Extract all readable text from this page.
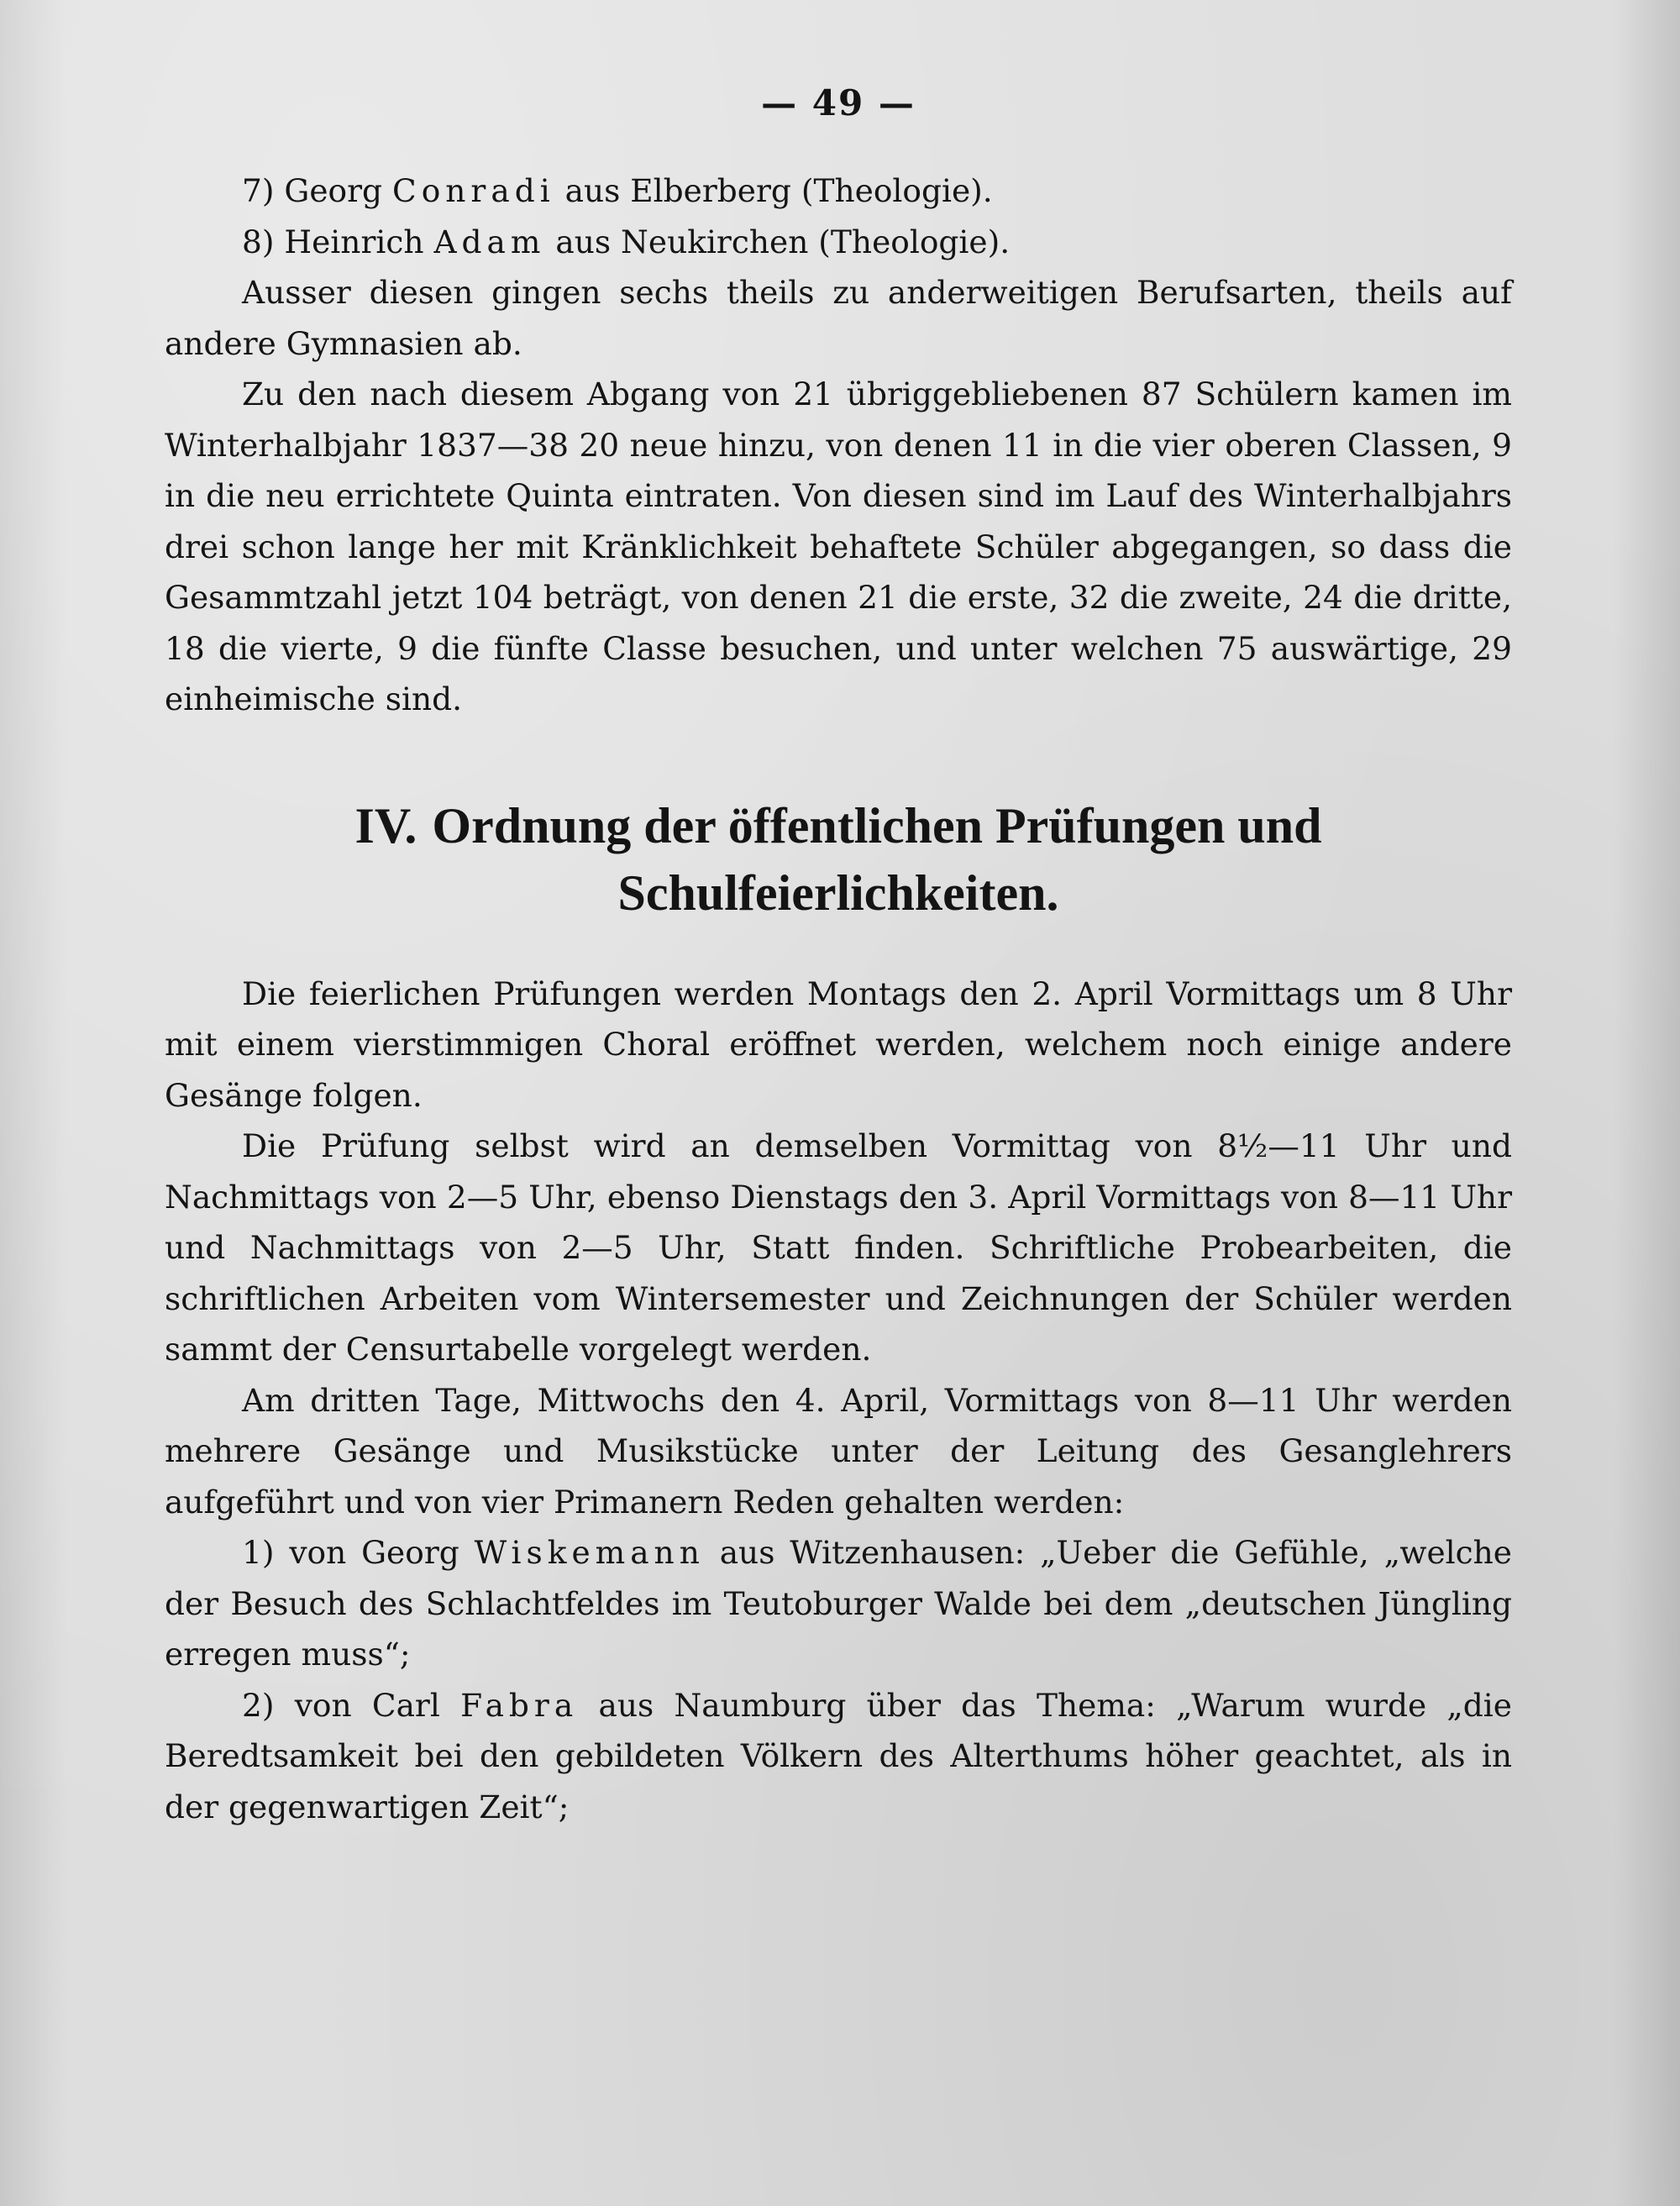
— 49 —

7) Georg Conradi aus Elberberg (Theologie).

8) Heinrich Adam aus Neukirchen (Theologie).

Ausser diesen gingen sechs theils zu anderweitigen Berufsarten, theils auf andere Gymnasien ab.

Zu den nach diesem Abgang von 21 übriggebliebenen 87 Schülern kamen im Winterhalbjahr 1837—38 20 neue hinzu, von denen 11 in die vier oberen Classen, 9 in die neu errichtete Quinta eintraten. Von diesen sind im Lauf des Winterhalbjahrs drei schon lange her mit Kränklichkeit behaftete Schüler abgegangen, so dass die Gesammtzahl jetzt 104 beträgt, von denen 21 die erste, 32 die zweite, 24 die dritte, 18 die vierte, 9 die fünfte Classe besuchen, und unter welchen 75 auswärtige, 29 einheimische sind.

IV. Ordnung der öffentlichen Prüfungen und Schulfeierlichkeiten.

Die feierlichen Prüfungen werden Montags den 2. April Vormittags um 8 Uhr mit einem vierstimmigen Choral eröffnet werden, welchem noch einige andere Gesänge folgen.

Die Prüfung selbst wird an demselben Vormittag von 8½—11 Uhr und Nachmittags von 2—5 Uhr, ebenso Dienstags den 3. April Vormittags von 8—11 Uhr und Nachmittags von 2—5 Uhr, Statt finden. Schriftliche Probearbeiten, die schriftlichen Arbeiten vom Wintersemester und Zeichnungen der Schüler werden sammt der Censurtabelle vorgelegt werden.

Am dritten Tage, Mittwochs den 4. April, Vormittags von 8—11 Uhr werden mehrere Gesänge und Musikstücke unter der Leitung des Gesanglehrers aufgeführt und von vier Primanern Reden gehalten werden:

1) von Georg Wiskemann aus Witzenhausen: „Ueber die Gefühle, „welche der Besuch des Schlachtfeldes im Teutoburger Walde bei dem „deutschen Jüngling erregen muss“;

2) von Carl Fabra aus Naumburg über das Thema: „Warum wurde „die Beredtsamkeit bei den gebildeten Völkern des Alterthums höher geachtet, als in der gegenwartigen Zeit“;
